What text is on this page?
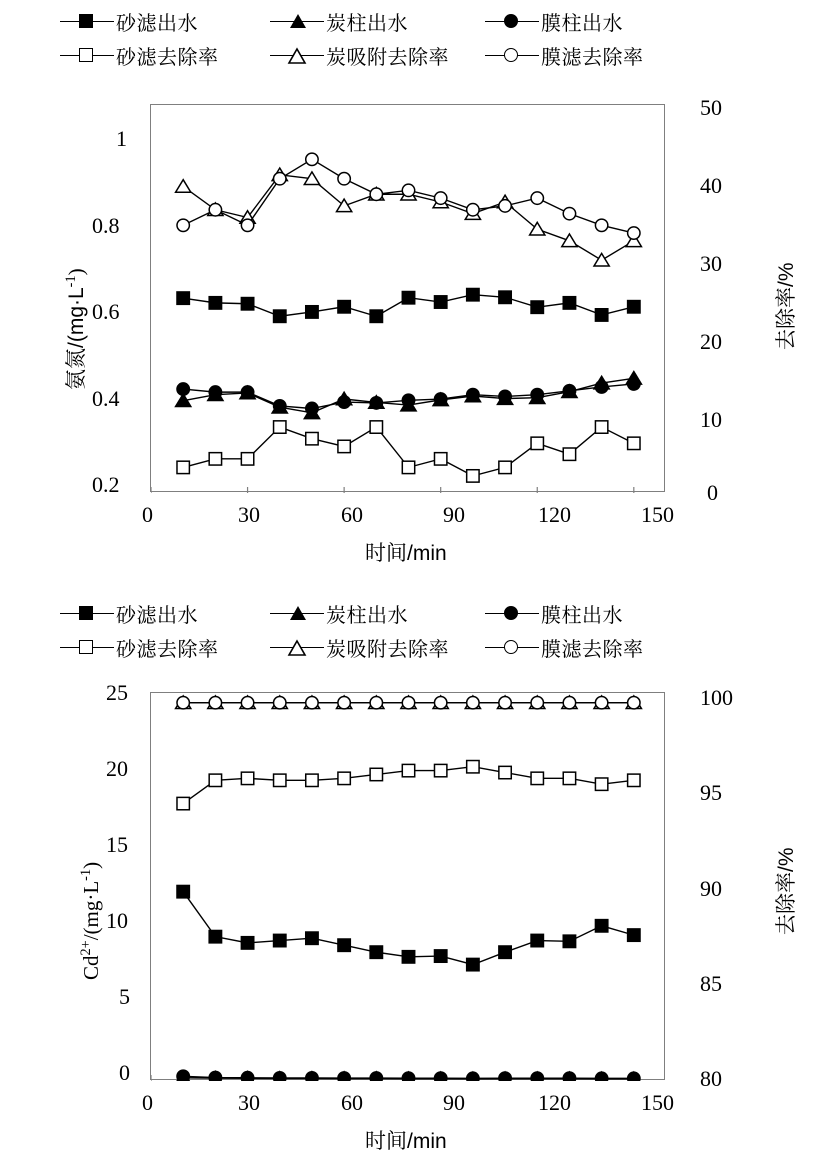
砂滤出水	炭柱出水	膜柱出水
砂滤去除率	炭吸附去除率	膜滤去除率
1
0.8
0.6
0.4
0.2
50
40
30
20
10
0
0	30	60	90	120	150
时间/min
氨氮$/(mg\cdot L^{-1})$	去除率/%
砂滤出水	炭柱出水	膜柱出水
砂滤去除率	炭吸附去除率	膜滤去除率
25
20
15
10
5
0
100
95
90
85
80
0	30	60	90	120	150
时间/min
$Cd^{2+}/(mg\cdot L^{-1})$	去除率/%
